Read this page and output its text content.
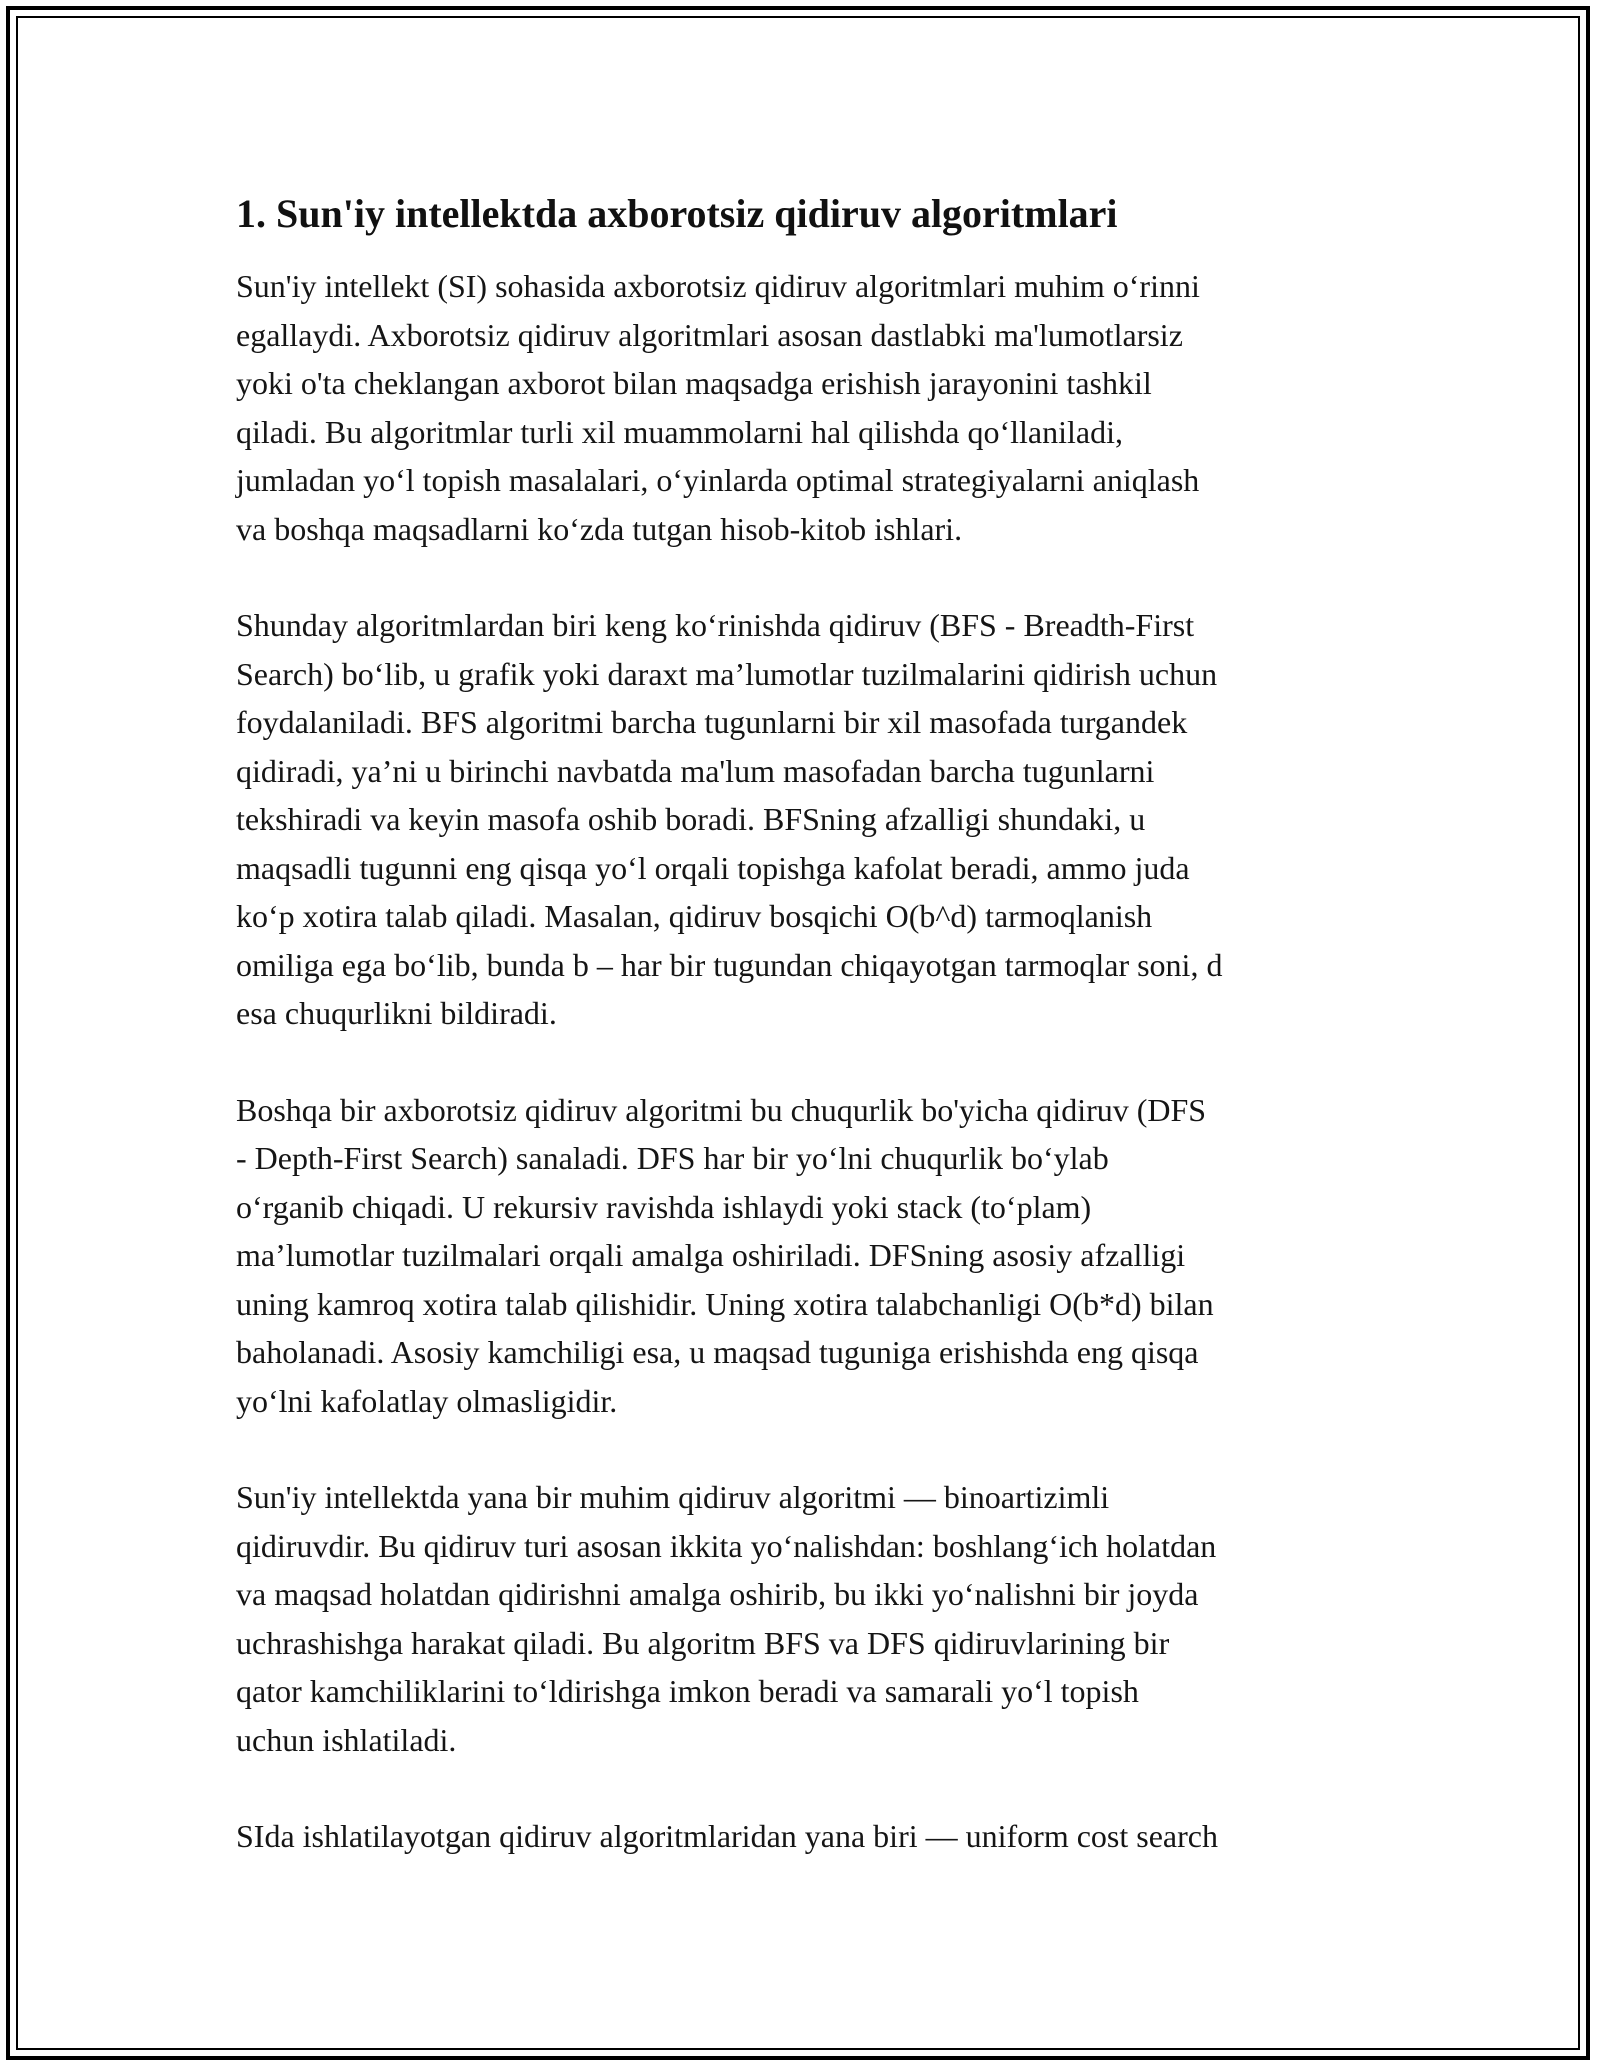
1. Sun'iy intellektda axborotsiz qidiruv algoritmlari

Sun'iy intellekt (SI) sohasida axborotsiz qidiruv algoritmlari muhim o‘rinni
egallaydi. Axborotsiz qidiruv algoritmlari asosan dastlabki ma'lumotlarsiz
yoki o'ta cheklangan axborot bilan maqsadga erishish jarayonini tashkil
qiladi. Bu algoritmlar turli xil muammolarni hal qilishda qo‘llaniladi,
jumladan yo‘l topish masalalari, o‘yinlarda optimal strategiyalarni aniqlash
va boshqa maqsadlarni ko‘zda tutgan hisob-kitob ishlari.

Shunday algoritmlardan biri keng ko‘rinishda qidiruv (BFS - Breadth-First
Search) bo‘lib, u grafik yoki daraxt ma’lumotlar tuzilmalarini qidirish uchun
foydalaniladi. BFS algoritmi barcha tugunlarni bir xil masofada turgandek
qidiradi, ya’ni u birinchi navbatda ma'lum masofadan barcha tugunlarni
tekshiradi va keyin masofa oshib boradi. BFSning afzalligi shundaki, u
maqsadli tugunni eng qisqa yo‘l orqali topishga kafolat beradi, ammo juda
ko‘p xotira talab qiladi. Masalan, qidiruv bosqichi O(b^d) tarmoqlanish
omiliga ega bo‘lib, bunda b – har bir tugundan chiqayotgan tarmoqlar soni, d
esa chuqurlikni bildiradi.

Boshqa bir axborotsiz qidiruv algoritmi bu chuqurlik bo'yicha qidiruv (DFS
- Depth-First Search) sanaladi. DFS har bir yo‘lni chuqurlik bo‘ylab
o‘rganib chiqadi. U rekursiv ravishda ishlaydi yoki stack (to‘plam)
ma’lumotlar tuzilmalari orqali amalga oshiriladi. DFSning asosiy afzalligi
uning kamroq xotira talab qilishidir. Uning xotira talabchanligi O(b*d) bilan
baholanadi. Asosiy kamchiligi esa, u maqsad tuguniga erishishda eng qisqa
yo‘lni kafolatlay olmasligidir.

Sun'iy intellektda yana bir muhim qidiruv algoritmi — binoartizimli
qidiruvdir. Bu qidiruv turi asosan ikkita yo‘nalishdan: boshlang‘ich holatdan
va maqsad holatdan qidirishni amalga oshirib, bu ikki yo‘nalishni bir joyda
uchrashishga harakat qiladi. Bu algoritm BFS va DFS qidiruvlarining bir
qator kamchiliklarini to‘ldirishga imkon beradi va samarali yo‘l topish
uchun ishlatiladi.

SIda ishlatilayotgan qidiruv algoritmlaridan yana biri — uniform cost search
